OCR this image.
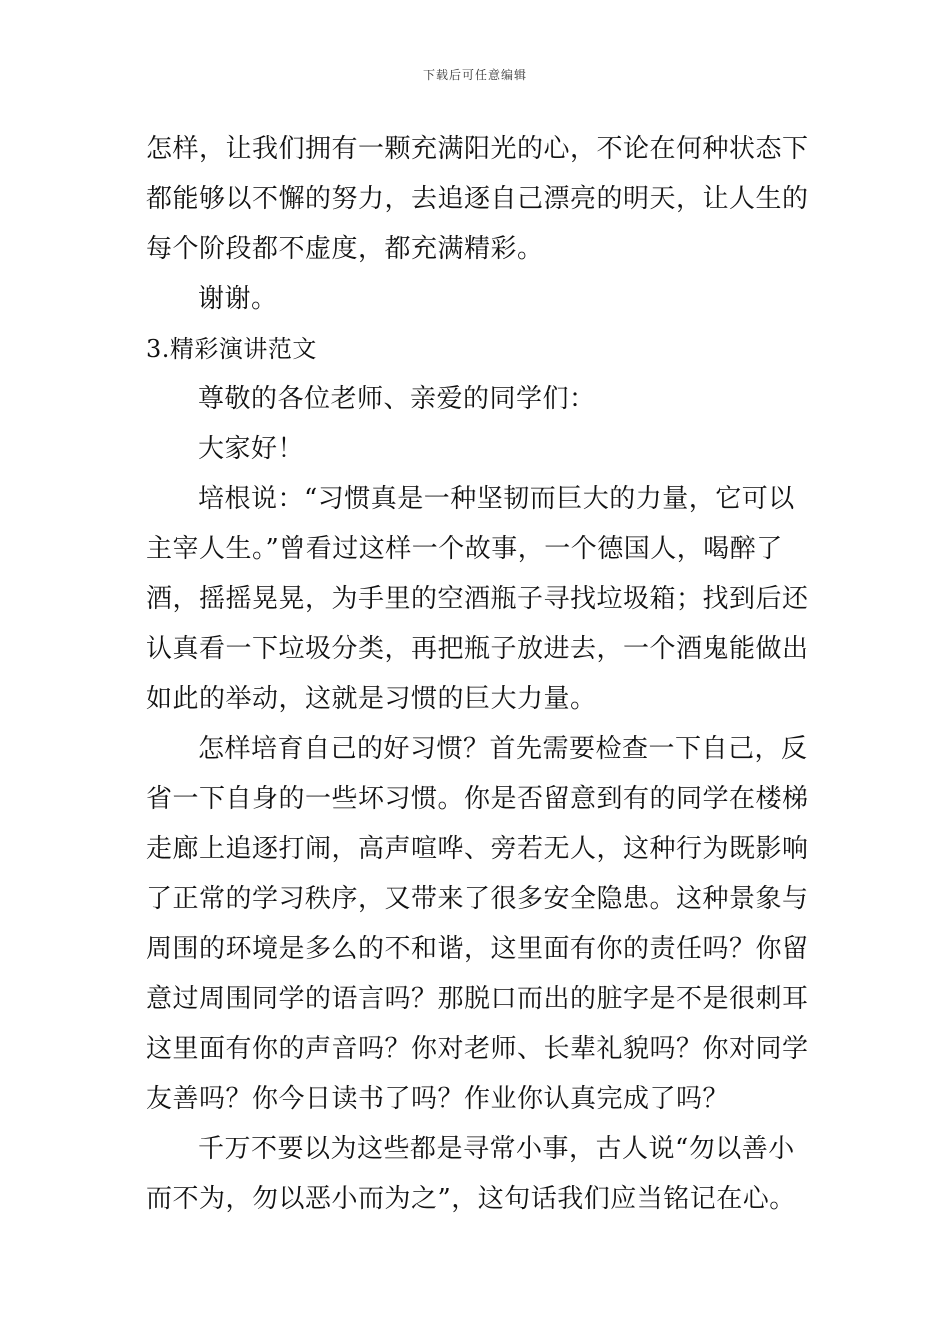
下载后可任意编辑
怎样，让我们拥有一颗充满阳光的心，不论在何种状态下
都能够以不懈的努力，去追逐自己漂亮的明天，让人生的
每个阶段都不虚度，都充满精彩。
谢谢。
3.精彩演讲范文
尊敬的各位老师、亲爱的同学们：
大家好！
培根说：“习惯真是一种坚韧而巨大的力量，它可以
主宰人生。”曾看过这样一个故事，一个德国人，喝醉了
酒，摇摇晃晃，为手里的空酒瓶子寻找垃圾箱；找到后还
认真看一下垃圾分类，再把瓶子放进去，一个酒鬼能做出
如此的举动，这就是习惯的巨大力量。
怎样培育自己的好习惯？首先需要检查一下自己，反
省一下自身的一些坏习惯。你是否留意到有的同学在楼梯
走廊上追逐打闹，高声喧哗、旁若无人，这种行为既影响
了正常的学习秩序，又带来了很多安全隐患。这种景象与
周围的环境是多么的不和谐，这里面有你的责任吗？你留
意过周围同学的语言吗？那脱口而出的脏字是不是很刺耳
这里面有你的声音吗？你对老师、长辈礼貌吗？你对同学
友善吗？你今日读书了吗？作业你认真完成了吗？
千万不要以为这些都是寻常小事，古人说“勿以善小
而不为，勿以恶小而为之”，这句话我们应当铭记在心。
